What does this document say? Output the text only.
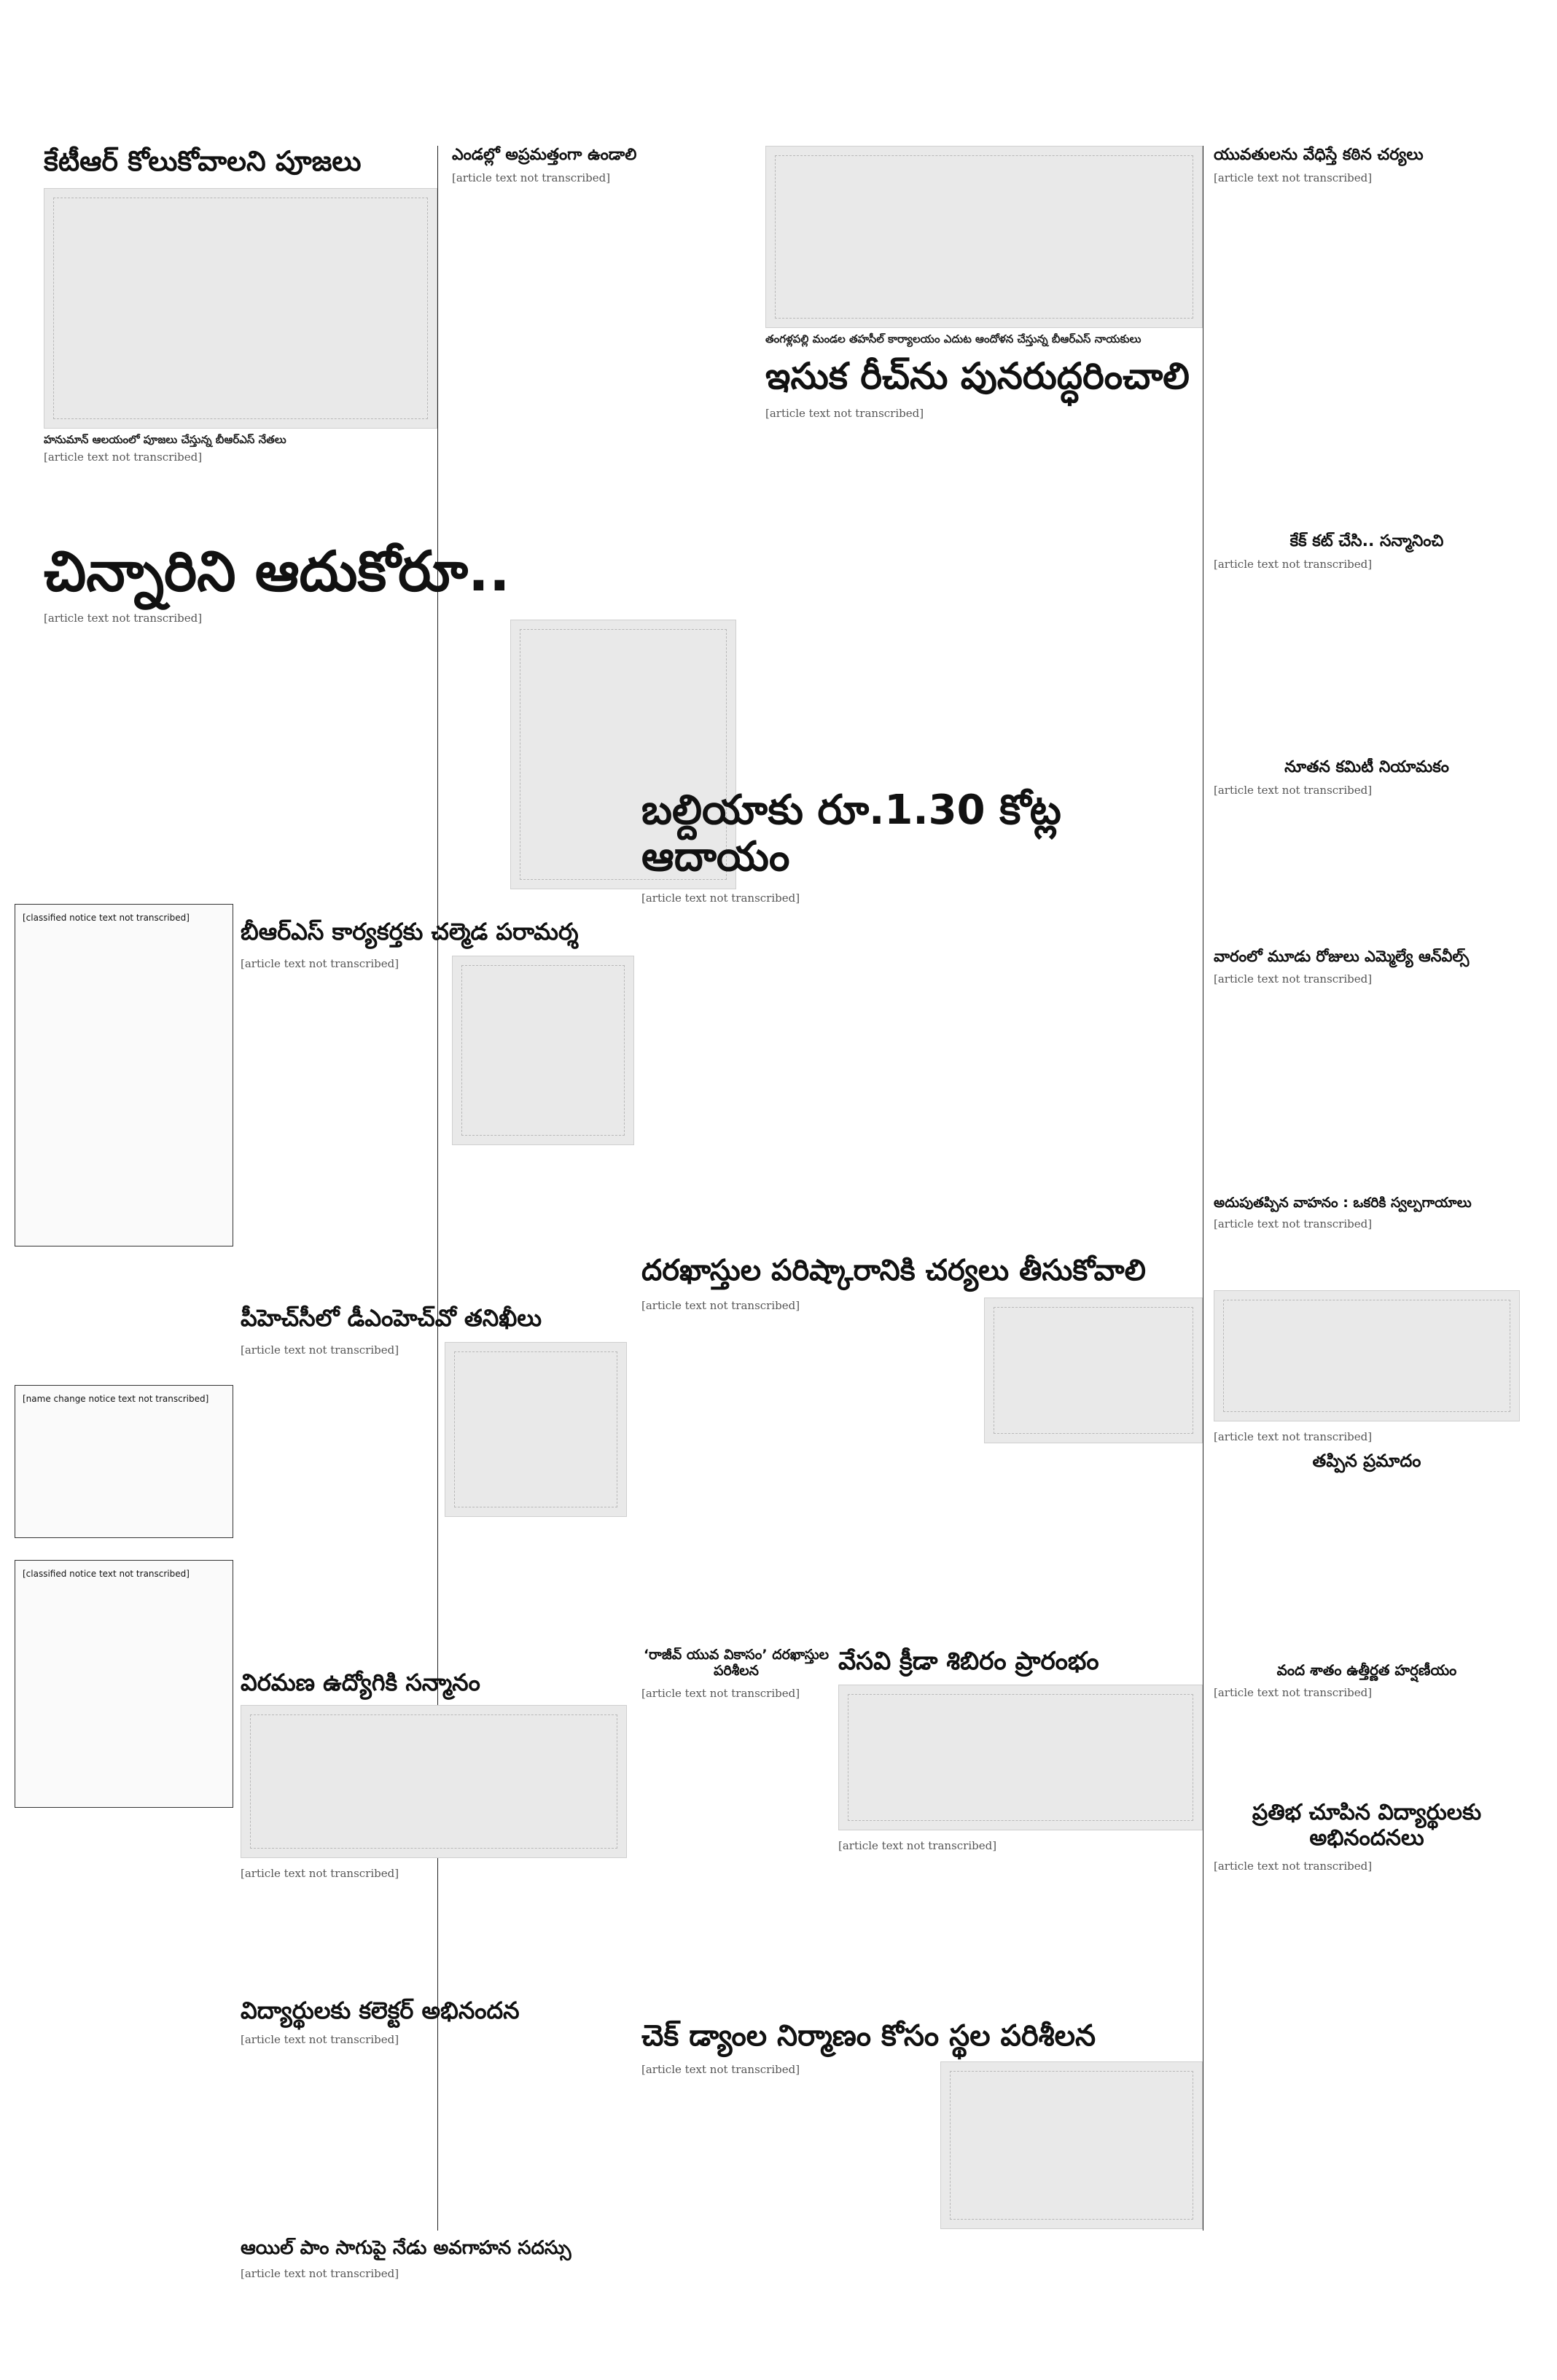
కేటీఆర్ కోలుకోవాలని పూజలు
హనుమాన్ ఆలయంలో పూజలు చేస్తున్న బీఆర్ఎస్ నేతలు
[article text not transcribed]
ఎండల్లో అప్రమత్తంగా ఉండాలి
[article text not transcribed]
తంగళ్లపల్లి మండల తహసీల్ కార్యాలయం ఎదుట ఆందోళన చేస్తున్న బీఆర్ఎస్ నాయకులు
ఇసుక రీచ్‌ను పునరుద్ధరించాలి
[article text not transcribed]
చిన్నారిని ఆదుకోరూ..
[article text not transcribed]
యువతులను వేధిస్తే కఠిన చర్యలు
[article text not transcribed]
కేక్ కట్ చేసి.. సన్మానించి
[article text not transcribed]
నూతన కమిటీ నియామకం
[article text not transcribed]
వారంలో మూడు రోజులు ఎమ్మెల్యే ఆన్‌వీల్స్
[article text not transcribed]
అదుపుతప్పిన వాహనం : ఒకరికి స్వల్పగాయాలు
[article text not transcribed]
బల్దియాకు రూ.1.30 కోట్ల ఆదాయం
[article text not transcribed]
బీఆర్ఎస్ కార్యకర్తకు చల్మెడ పరామర్శ
[article text not transcribed]
[classified notice text not transcribed]
[name change notice text not transcribed]
[classified notice text not transcribed]
పీహెచ్‌సీలో డీఎంహెచ్‌వో తనిఖీలు
[article text not transcribed]
దరఖాస్తుల పరిష్కారానికి చర్యలు తీసుకోవాలి
[article text not transcribed]
విరమణ ఉద్యోగికి సన్మానం
[article text not transcribed]
‘రాజీవ్ యువ వికాసం’ దరఖాస్తుల పరిశీలన
[article text not transcribed]
వేసవి క్రీడా శిబిరం ప్రారంభం
[article text not transcribed]
[article text not transcribed]
తప్పిన ప్రమాదం
వంద శాతం ఉత్తీర్ణత హర్షణీయం
[article text not transcribed]
ప్రతిభ చూపిన విద్యార్థులకు అభినందనలు
[article text not transcribed]
విద్యార్థులకు కలెక్టర్ అభినందన
[article text not transcribed]	చెక్ డ్యాంల నిర్మాణం కోసం స్థల పరిశీలన
[article text not transcribed]
ఆయిల్ పాం సాగుపై నేడు అవగాహన సదస్సు
[article text not transcribed]
